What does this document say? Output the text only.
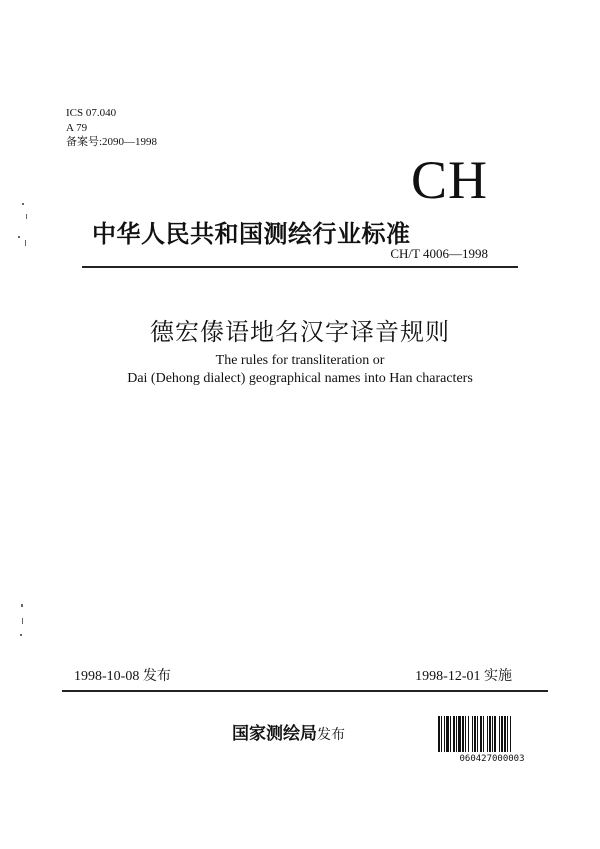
ICS 07.040
A 79
备案号:2090—1998
CH
中华人民共和国测绘行业标准
CH/T 4006—1998
德宏傣语地名汉字译音规则
The rules for transliteration or
Dai (Dehong dialect) geographical names into Han characters
1998-10-08 发布	1998-12-01 实施
国家测绘局发布
060427000003
